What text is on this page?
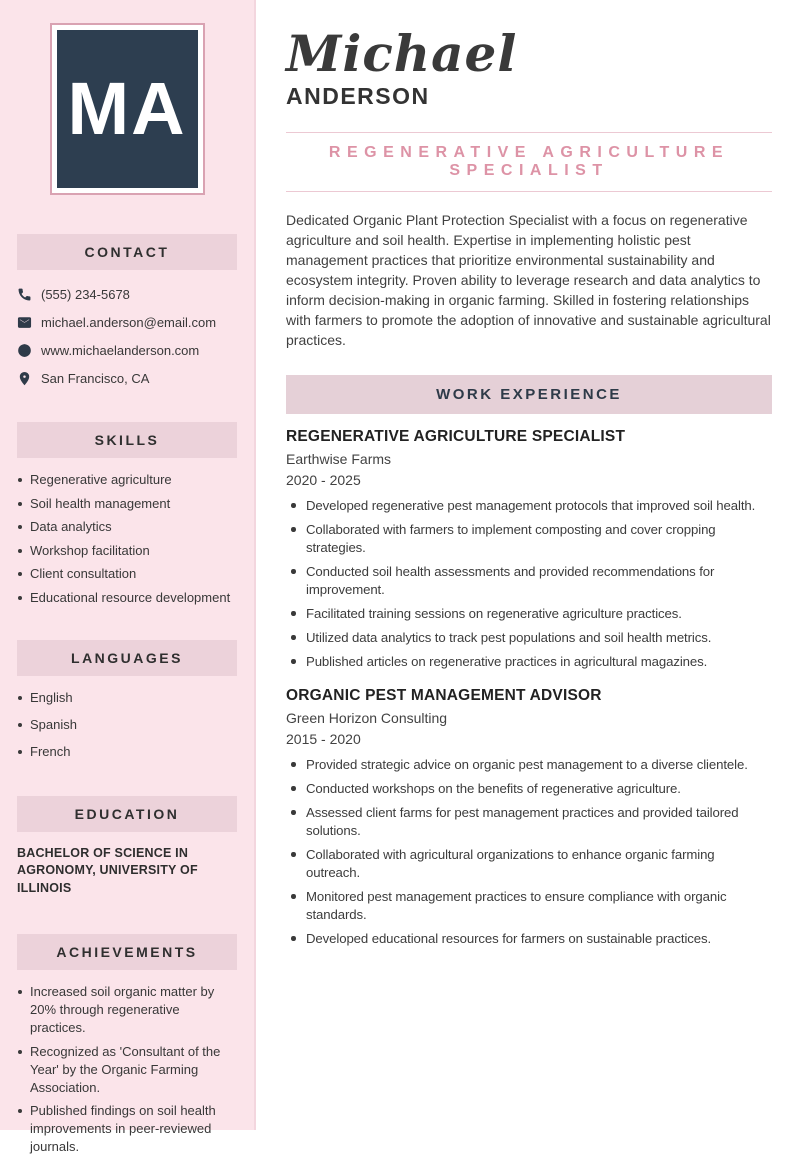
MA
CONTACT
(555) 234-5678
michael.anderson@email.com
www.michaelanderson.com
San Francisco, CA
SKILLS
Regenerative agriculture
Soil health management
Data analytics
Workshop facilitation
Client consultation
Educational resource development
LANGUAGES
English
Spanish
French
EDUCATION
BACHELOR OF SCIENCE IN AGRONOMY, UNIVERSITY OF ILLINOIS
ACHIEVEMENTS
Increased soil organic matter by 20% through regenerative practices.
Recognized as 'Consultant of the Year' by the Organic Farming Association.
Published findings on soil health improvements in peer-reviewed journals.
Michael
ANDERSON
REGENERATIVE AGRICULTURE SPECIALIST

Dedicated Organic Plant Protection Specialist with a focus on regenerative agriculture and soil health. Expertise in implementing holistic pest management practices that prioritize environmental sustainability and ecosystem integrity. Proven ability to leverage research and data analytics to inform decision-making in organic farming. Skilled in fostering relationships with farmers to promote the adoption of innovative and sustainable agricultural practices.

WORK EXPERIENCE
REGENERATIVE AGRICULTURE SPECIALIST
Earthwise Farms
2020 - 2025
Developed regenerative pest management protocols that improved soil health.
Collaborated with farmers to implement composting and cover cropping strategies.
Conducted soil health assessments and provided recommendations for improvement.
Facilitated training sessions on regenerative agriculture practices.
Utilized data analytics to track pest populations and soil health metrics.
Published articles on regenerative practices in agricultural magazines.
ORGANIC PEST MANAGEMENT ADVISOR
Green Horizon Consulting
2015 - 2020
Provided strategic advice on organic pest management to a diverse clientele.
Conducted workshops on the benefits of regenerative agriculture.
Assessed client farms for pest management practices and provided tailored solutions.
Collaborated with agricultural organizations to enhance organic farming outreach.
Monitored pest management practices to ensure compliance with organic standards.
Developed educational resources for farmers on sustainable practices.
